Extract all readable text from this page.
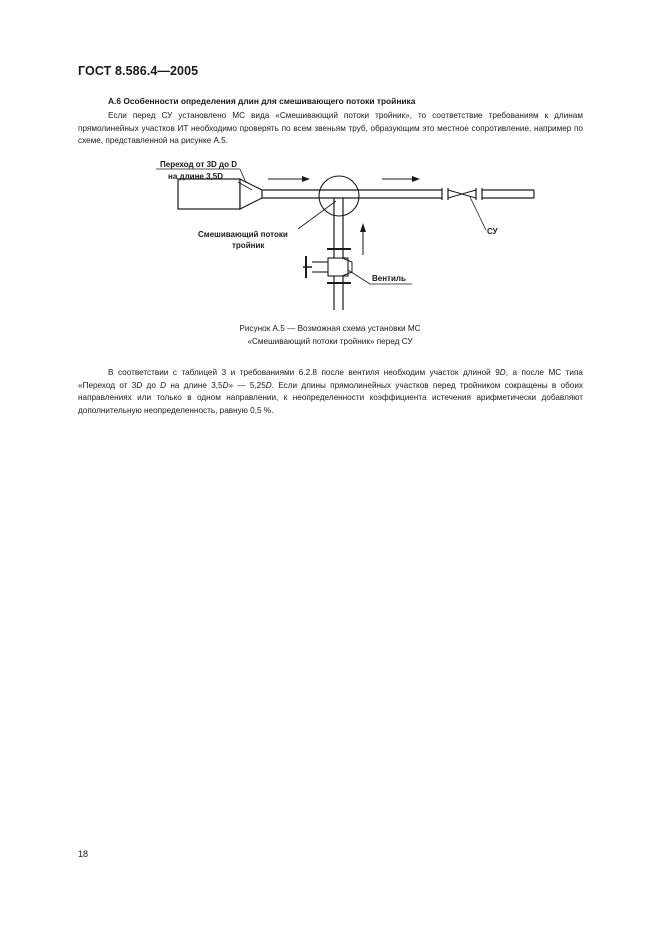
ГОСТ 8.586.4—2005
А.6 Особенности определения длин для смешивающего потоки тройника
Если перед СУ установлено МС вида «Смешивающий потоки тройник», то соответствие требованиям к длинам прямолинейных участков ИТ необходимо проверять по всем звеньям труб, образующим это местное сопротивление, например по схеме, представленной на рисунке А.5.
Переход от 3D до D
на длине 3,5D
Смешивающий потоки
тройник
Вентиль
СУ
Рисунок А.5 — Возможная схема установки МС
«Смешивающий потоки тройник» перед СУ
В соответствии с таблицей 3 и требованиями 6.2.8 после вентиля необходим участок длиной 9D, а после МС типа «Переход от 3D до D на длине 3,5D» — 5,25D. Если длины прямолинейных участков перед тройником сокращены в обоих направлениях или только в одном направлении, к неопределенности коэффициента истечения арифметически добавляют дополнительную неопределенность, равную 0,5 %.
18
